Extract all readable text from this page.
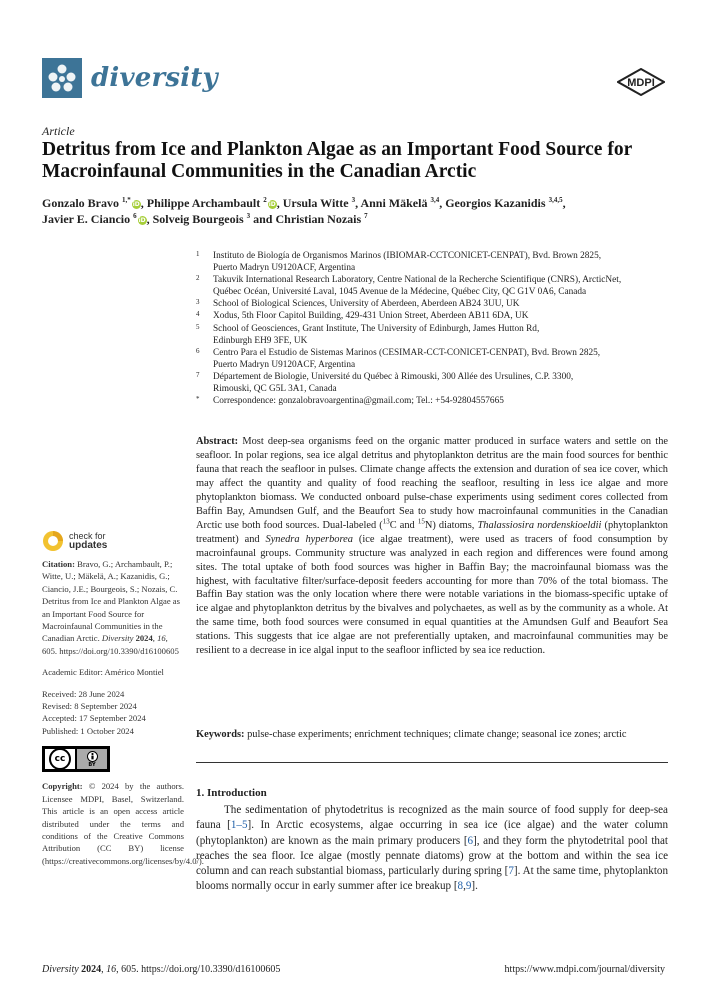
diversity	MDPI
Article
Detritus from Ice and Plankton Algae as an Important Food Source for Macroinfaunal Communities in the Canadian Arctic
Gonzalo Bravo $^{1,*}$iD, Philippe Archambault $^2$iD, Ursula Witte $^3$, Anni Mäkelä $^{3,4}$, Georgios Kazanidis $^{3,4,5}$,
Javier E. Ciancio $^6$iD, Solveig Bourgeois $^3$ and Christian Nozais $^7$
1	Instituto de Biología de Organismos Marinos (IBIOMAR-CCTCONICET-CENPAT), Bvd. Brown 2825,
Puerto Madryn U9120ACF, Argentina
2	Takuvik International Research Laboratory, Centre National de la Recherche Scientifique (CNRS), ArcticNet,
Québec Océan, Université Laval, 1045 Avenue de la Médecine, Québec City, QC G1V 0A6, Canada
3	School of Biological Sciences, University of Aberdeen, Aberdeen AB24 3UU, UK
4	Xodus, 5th Floor Capitol Building, 429-431 Union Street, Aberdeen AB11 6DA, UK
5	School of Geosciences, Grant Institute, The University of Edinburgh, James Hutton Rd,
Edinburgh EH9 3FE, UK
6	Centro Para el Estudio de Sistemas Marinos (CESIMAR-CCT-CONICET-CENPAT), Bvd. Brown 2825,
Puerto Madryn U9120ACF, Argentina
7	Département de Biologie, Université du Québec à Rimouski, 300 Allée des Ursulines, C.P. 3300,
Rimouski, QC G5L 3A1, Canada
*	Correspondence: gonzalobravoargentina@gmail.com; Tel.: +54-92804557665

Abstract: Most deep-sea organisms feed on the organic matter produced in surface waters and settle on the seafloor. In polar regions, sea ice algal detritus and phytoplankton detritus are the main food sources for benthic fauna that reach the seafloor in pulses. Climate change affects the extension and duration of sea ice cover, which may affect the quantity and quality of food reaching the seafloor, resulting in less ice algae and more phytoplankton biomass. We conducted onboard pulse-chase experiments using sediment cores collected from Baffin Bay, Amundsen Gulf, and the Beaufort Sea to study how macroinfaunal communities in the Canadian Arctic use both food sources. Dual-labeled ($^{13}$C and $^{15}$N) diatoms, Thalassiosira nordenskioeldii (phytoplankton treatment) and Synedra hyperborea (ice algae treatment), were used as tracers of food consumption by macroinfaunal groups. Community structure was analyzed in each region and differences were found among sites. The total uptake of both food sources was higher in Baffin Bay; the macroinfaunal biomass was the highest, with facultative filter/surface-deposit feeders accounting for more than 70% of the total biomass. The Baffin Bay station was the only location where there were notable variations in the biomass-specific uptake of ice algae and phytoplankton detritus by the bivalves and polychaetes, as well as by the community as a whole. At the same time, both food sources were consumed in equal quantities at the Amundsen Gulf and Beaufort Sea stations. This suggests that ice algae are not preferentially uptaken, and macroinfaunal communities may be resilient to a decrease in ice algal input to the seafloor inflicted by sea ice reduction.

Keywords: pulse-chase experiments; enrichment techniques; climate change; seasonal ice zones; arctic
1. Introduction

The sedimentation of phytodetritus is recognized as the main source of food supply for deep-sea fauna [1–5]. In Arctic ecosystems, algae occurring in sea ice (ice algae) and the water column (phytoplankton) are known as the main primary producers [6], and they form the phytodetrital pool that reaches the sea floor. Ice algae (mostly pennate diatoms) grow at the bottom and within the sea ice column and can reach substantial biomass, particularly during spring [7]. At the same time, phytoplankton blooms normally occur in early summer after ice breakup [8,9].

check for
updates
Citation: Bravo, G.; Archambault, P.; Witte, U.; Mäkelä, A.; Kazanidis, G.; Ciancio, J.E.; Bourgeois, S.; Nozais, C. Detritus from Ice and Plankton Algae as an Important Food Source for Macroinfaunal Communities in the Canadian Arctic. Diversity 2024, 16, 605. https://doi.org/10.3390/d16100605
Academic Editor: Américo Montiel
Received: 28 June 2024
Revised: 8 September 2024
Accepted: 17 September 2024
Published: 1 October 2024
cc
BY
Copyright: © 2024 by the authors. Licensee MDPI, Basel, Switzerland. This article is an open access article distributed under the terms and conditions of the Creative Commons Attribution (CC BY) license (https://creativecommons.org/licenses/by/4.0/).
Diversity 2024, 16, 605. https://doi.org/10.3390/d16100605	https://www.mdpi.com/journal/diversity
